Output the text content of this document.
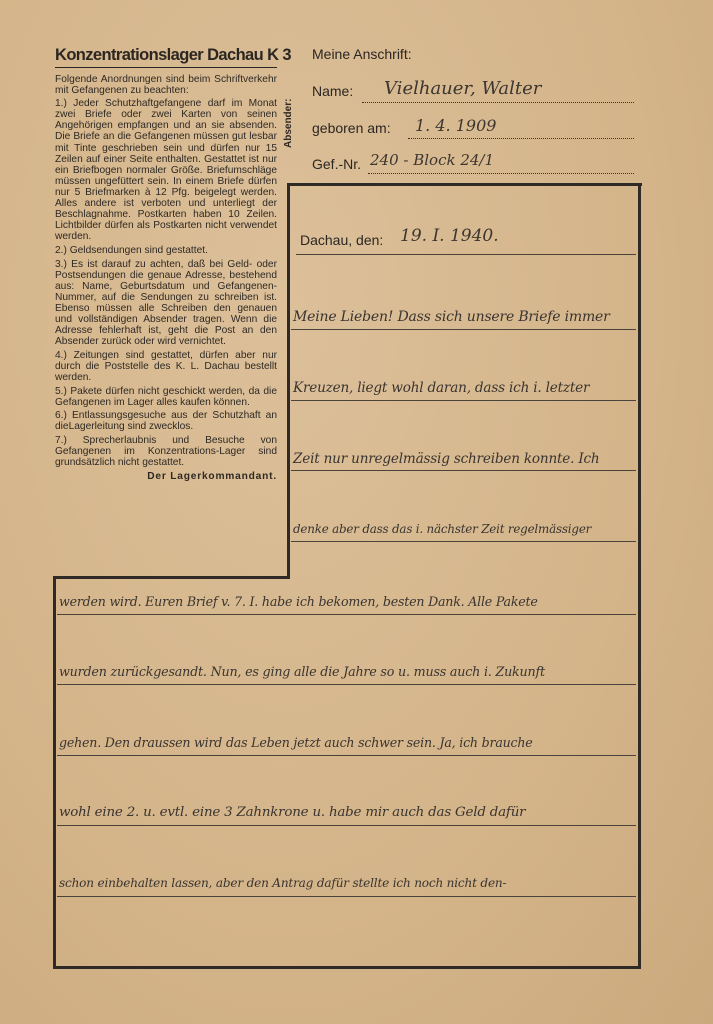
Konzentrationslager Dachau K 3

Folgende Anordnungen sind beim Schriftverkehr mit Gefangenen zu beachten:

1.) Jeder Schutzhaftgefangene darf im Monat zwei Briefe oder zwei Karten von seinen Angehörigen empfangen und an sie absenden. Die Briefe an die Gefangenen müssen gut lesbar mit Tinte geschrieben sein und dürfen nur 15 Zeilen auf einer Seite enthalten. Gestattet ist nur ein Briefbogen normaler Größe. Briefumschläge müssen ungefüttert sein. In einem Briefe dürfen nur 5 Briefmarken à 12 Pfg. beigelegt werden. Alles andere ist verboten und unterliegt der Beschlagnahme. Postkarten haben 10 Zeilen. Lichtbilder dürfen als Postkarten nicht verwendet werden.

2.) Geldsendungen sind gestattet.

3.) Es ist darauf zu achten, daß bei Geld- oder Postsendungen die genaue Adresse, bestehend aus: Name, Geburtsdatum und Gefangenen-Nummer, auf die Sendungen zu schreiben ist. Ebenso müssen alle Schreiben den genauen und vollständigen Absender tragen. Wenn die Adresse fehlerhaft ist, geht die Post an den Absender zurück oder wird vernichtet.

4.) Zeitungen sind gestattet, dürfen aber nur durch die Poststelle des K. L. Dachau bestellt werden.

5.) Pakete dürfen nicht geschickt werden, da die Gefangenen im Lager alles kaufen können.

6.) Entlassungsgesuche aus der Schutzhaft an dieLagerleitung sind zwecklos.

7.) Sprecherlaubnis und Besuche von Gefangenen im Konzentrations-Lager sind grundsätzlich nicht gestattet.

Der Lagerkommandant.

Absender:
Meine Anschrift:
Name: Vielhauer, Walter
geboren am: 1. 4. 1909
Gef.-Nr. 240 - Block 24/1
Dachau, den: 19. I. 1940.
Meine Lieben! Dass sich unsere Briefe immer
Kreuzen, liegt wohl daran, dass ich i. letzter
Zeit nur unregelmässig schreiben konnte. Ich
denke aber dass das i. nächster Zeit regelmässiger
werden wird. Euren Brief v. 7. I. habe ich bekomen, besten Dank. Alle Pakete
wurden zurückgesandt. Nun, es ging alle die Jahre so u. muss auch i. Zukunft
gehen. Den draussen wird das Leben jetzt auch schwer sein. Ja, ich brauche
wohl eine 2. u. evtl. eine 3 Zahnkrone u. habe mir auch das Geld dafür
schon einbehalten lassen, aber den Antrag dafür stellte ich noch nicht den-
